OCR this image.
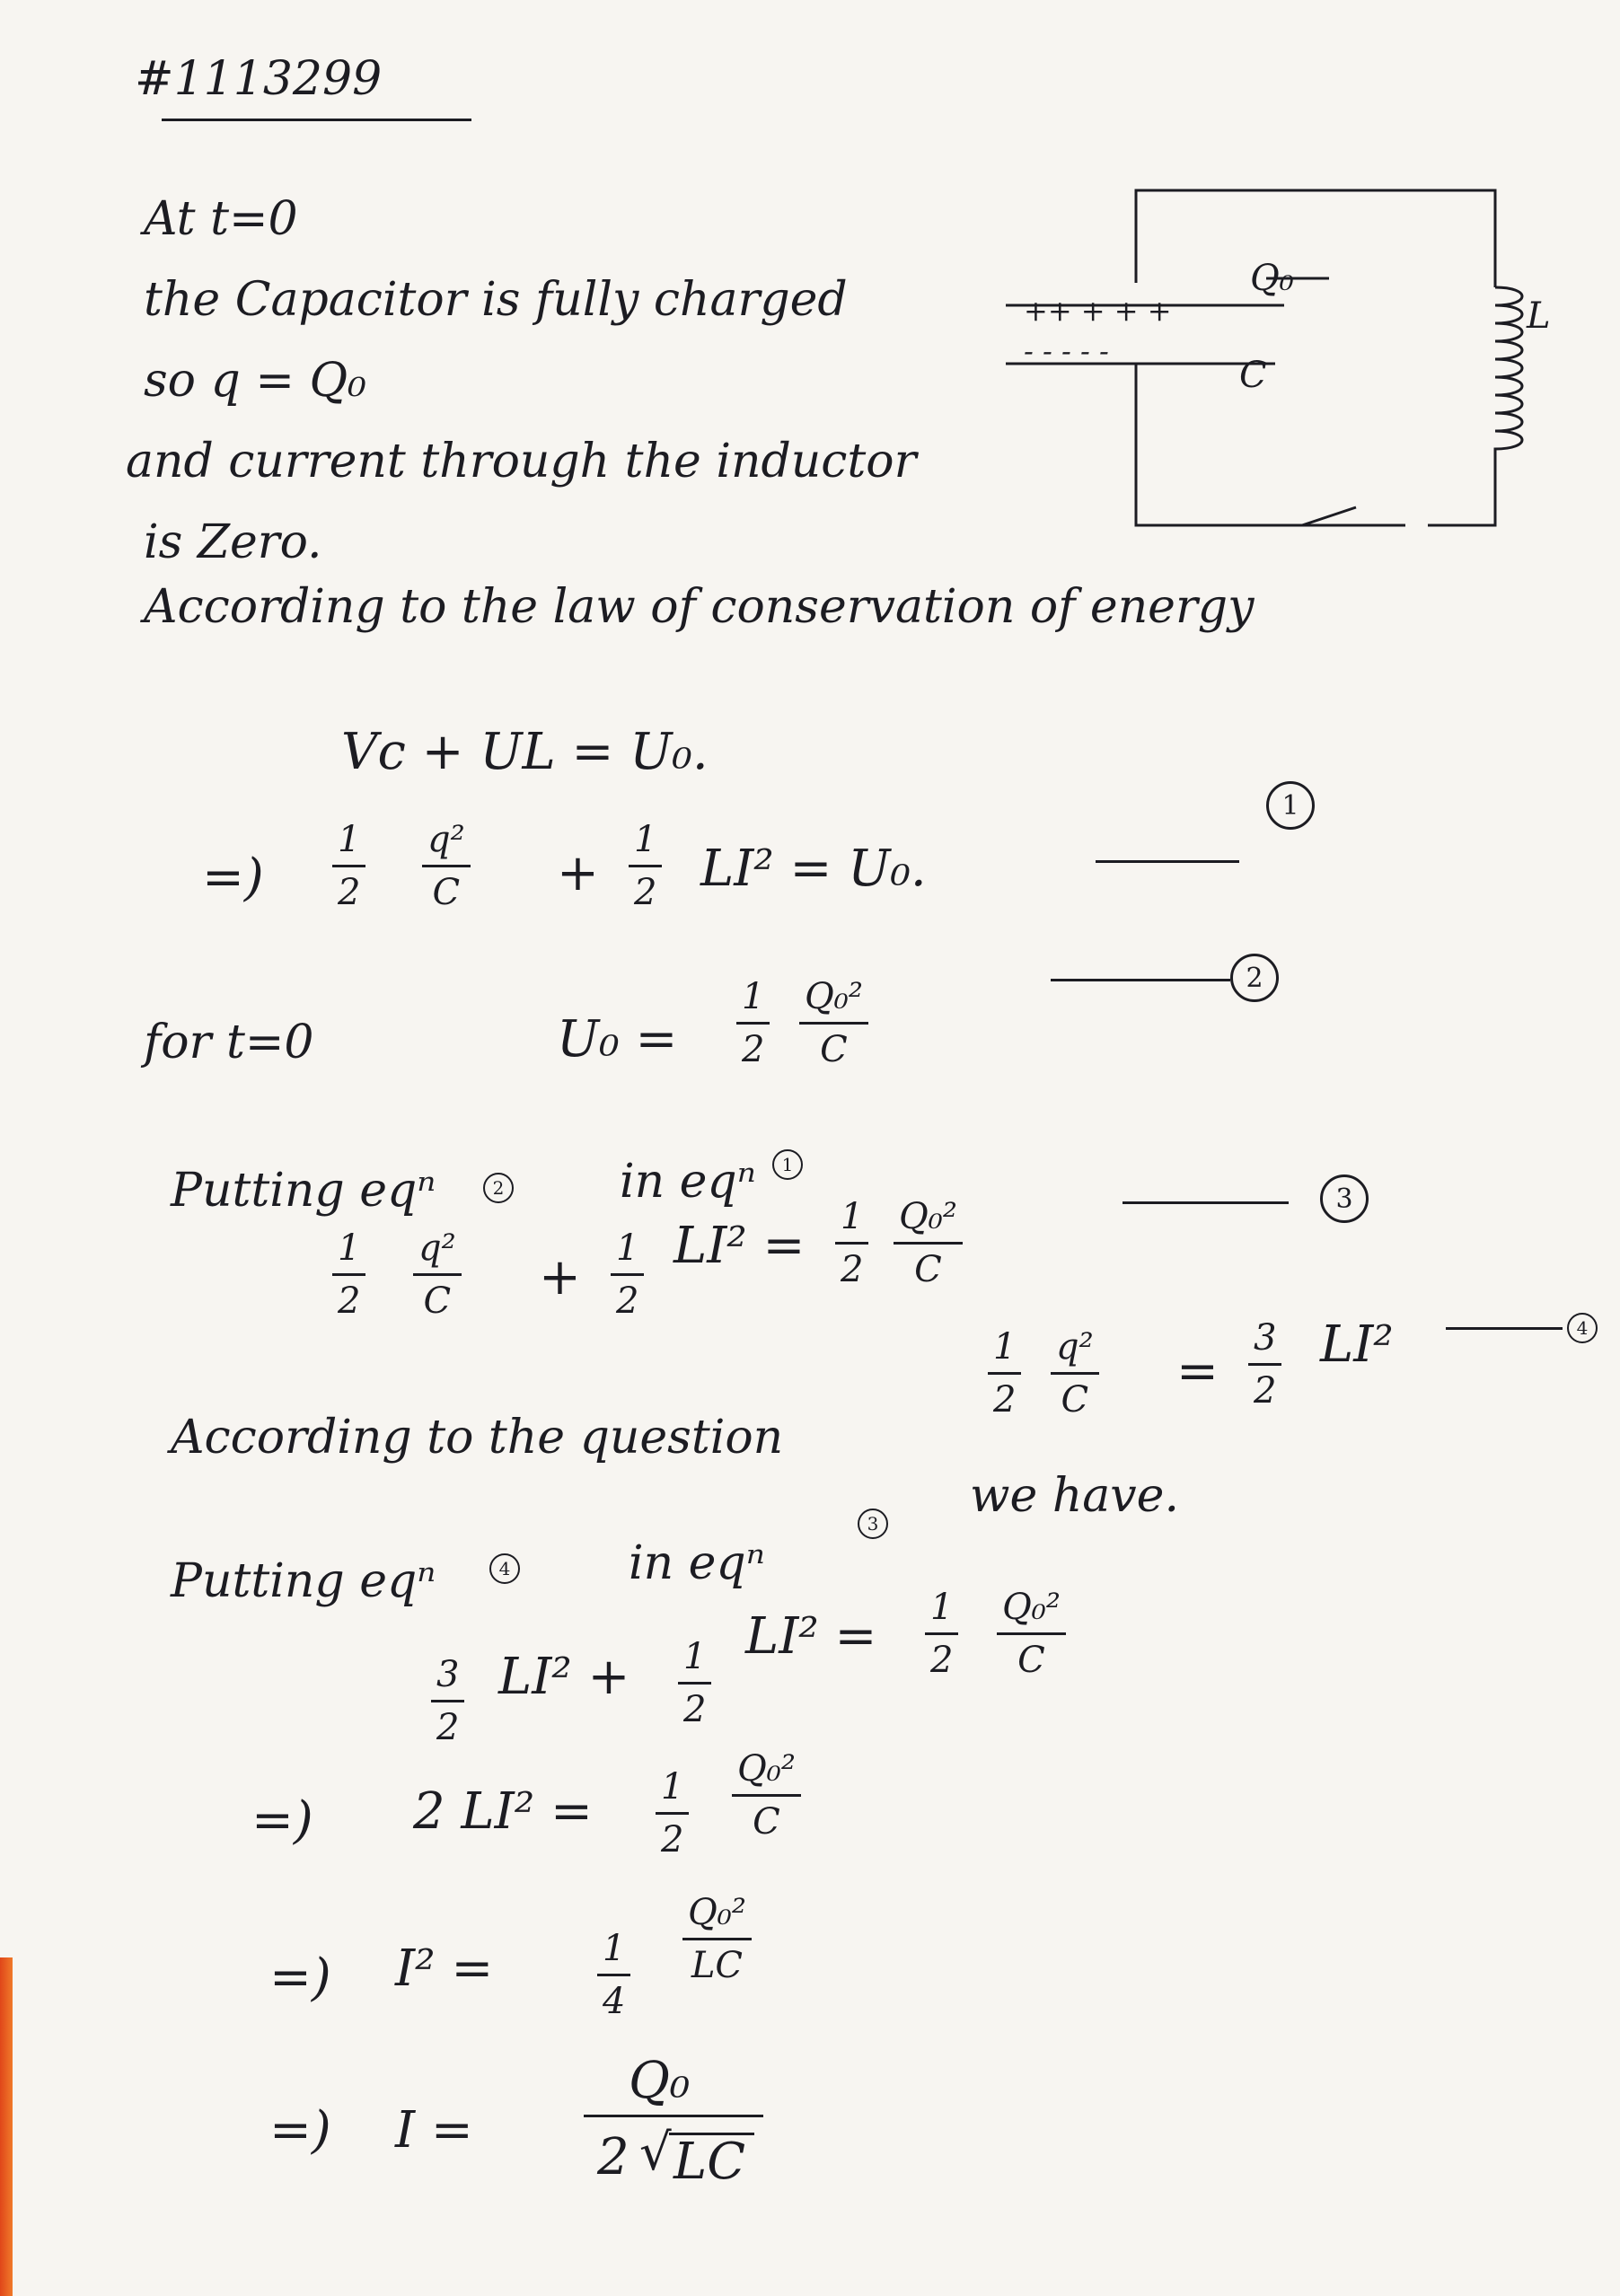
#1113299
At t=0
the Capacitor is fully charged
so q = Q₀
and current through the inductor
is Zero.
++ + + +
- - - - -
Q₀
C
L
According to the law of conservation of energy
Vc + UL = U₀.
=)
1
2
q²
C +
1
2 LI² = U₀.
1
for t=0	U₀ =
1
2
Q₀²
C
2
Putting eqⁿ	2 in eqⁿ	1
1
2
q²
C + 1
2
LI² = 1
2
Q₀²
C
3
According to the question
1
2
q²
C =
3
2
LI²	4
we have.
Putting eqⁿ	4	in eqⁿ
3
3
2
LI² + 1
2
LI² = 1
2
Q₀²
C
=) 2 LI² = 1
2
Q₀²
C
=) I² =	1
4
Q₀²
LC
=) I =
Q₀
2 √ LC
